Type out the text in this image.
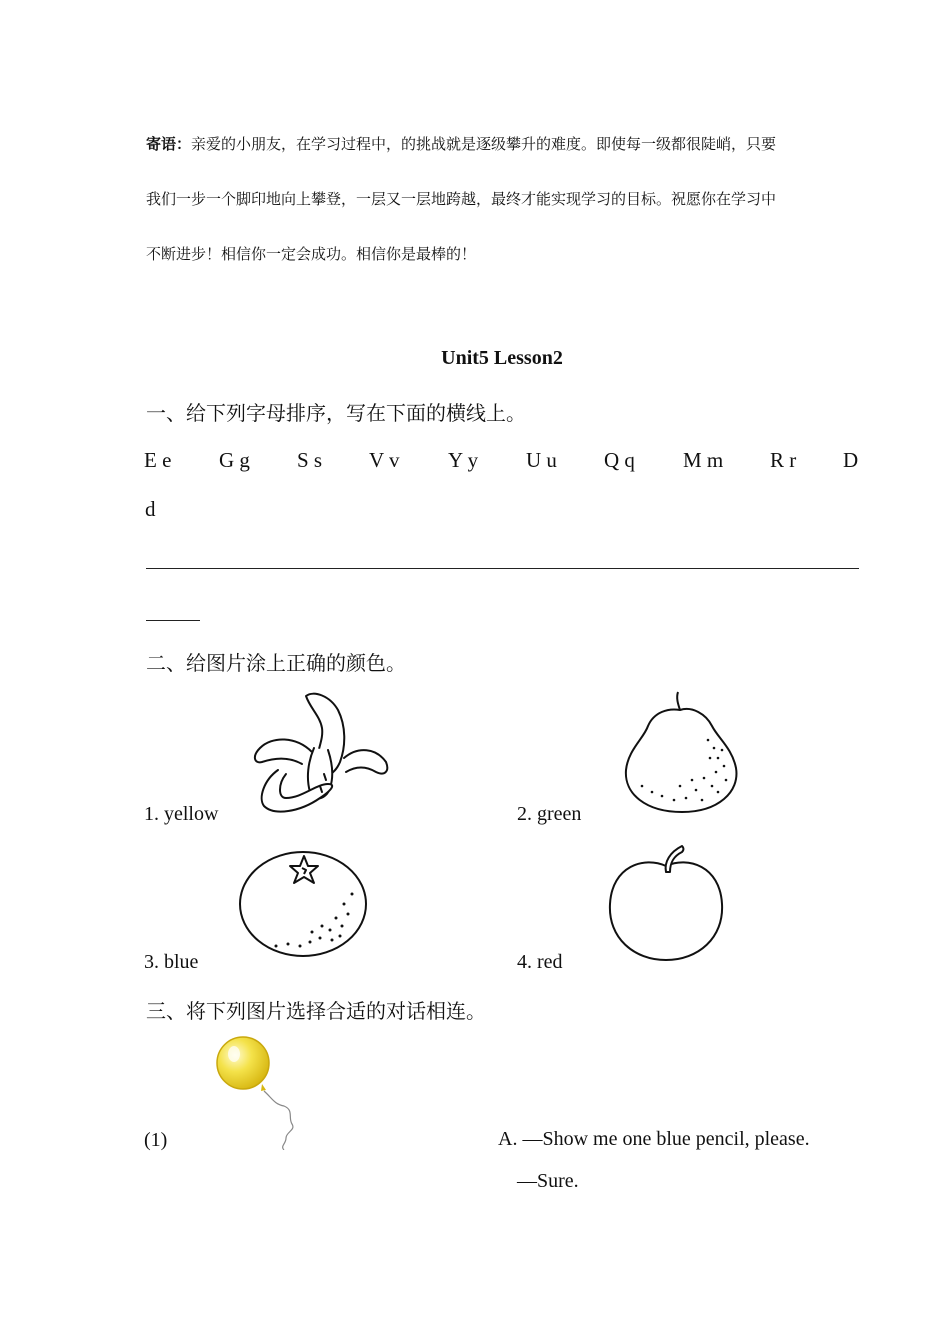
寄语：亲爱的小朋友，在学习过程中，的挑战就是逐级攀升的难度。即使每一级都很陡峭，只要
我们一步一个脚印地向上攀登，一层又一层地跨越，最终才能实现学习的目标。祝愿你在学习中
不断进步！相信你一定会成功。相信你是最棒的！
Unit5 Lesson2
一、给下列字母排序，写在下面的横线上。
E e G g S s V v Y y U u Q q M m R r D
d
二、给图片涂上正确的颜色。
1. yellow	2. green
3. blue	4. red
三、将下列图片选择合适的对话相连。
(1)	A. —Show me one blue pencil, please.
—Sure.
